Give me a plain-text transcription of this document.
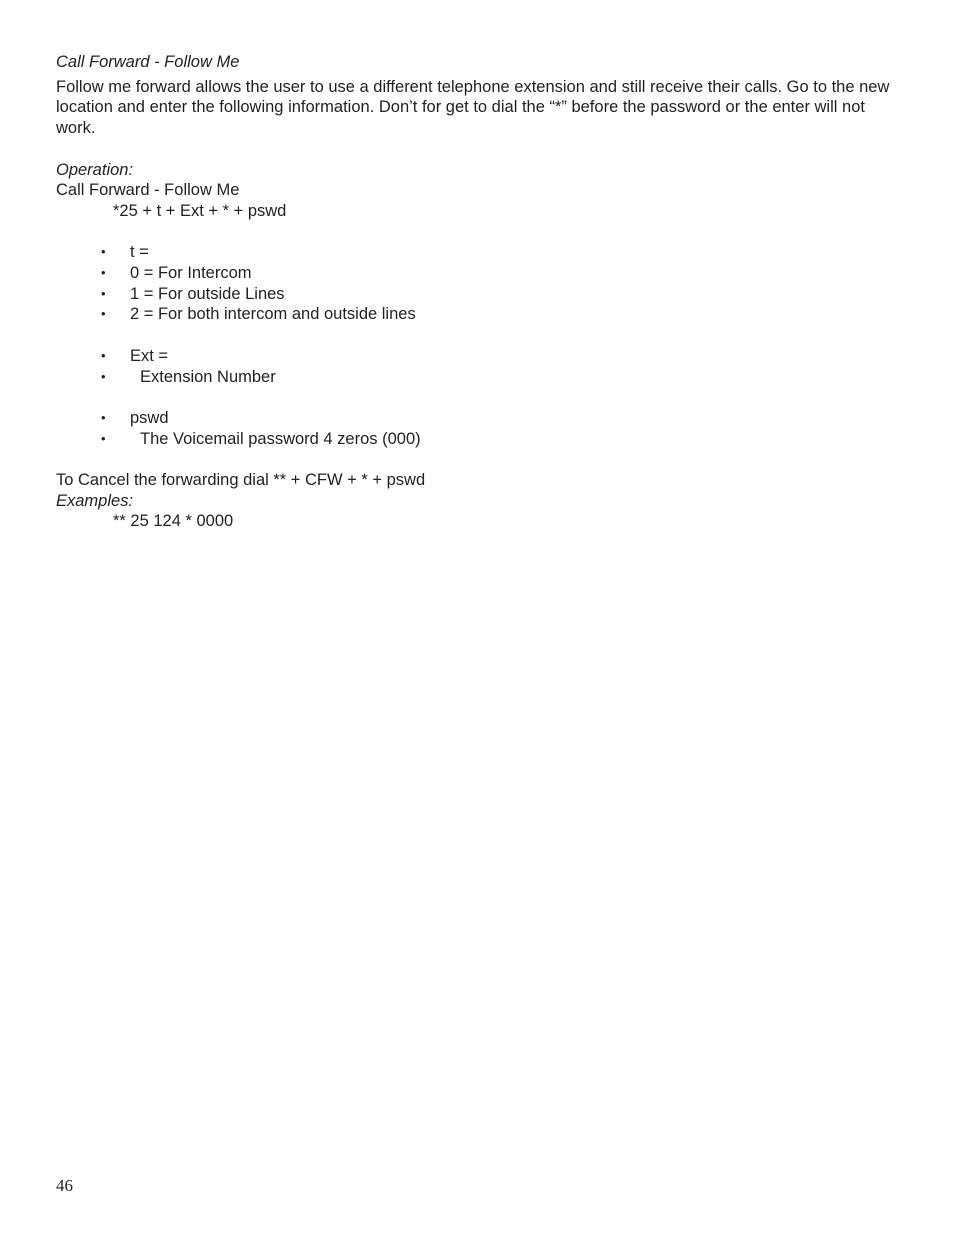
Call Forward - Follow Me
Follow me forward allows the user to use a different telephone extension and still receive their calls. Go to the new location and enter the following information. Don’t for get to dial the “*” before the password or the enter will not work.
Operation:
Call Forward - Follow Me
*25 + t + Ext + * + pswd
• t =
• 0 = For Intercom
• 1 = For outside Lines
• 2 = For both intercom and outside lines
• Ext =
• Extension Number
• pswd
• The Voicemail password 4 zeros (000)
To Cancel the forwarding dial ** + CFW + * + pswd
Examples:
** 25 124 * 0000
46
